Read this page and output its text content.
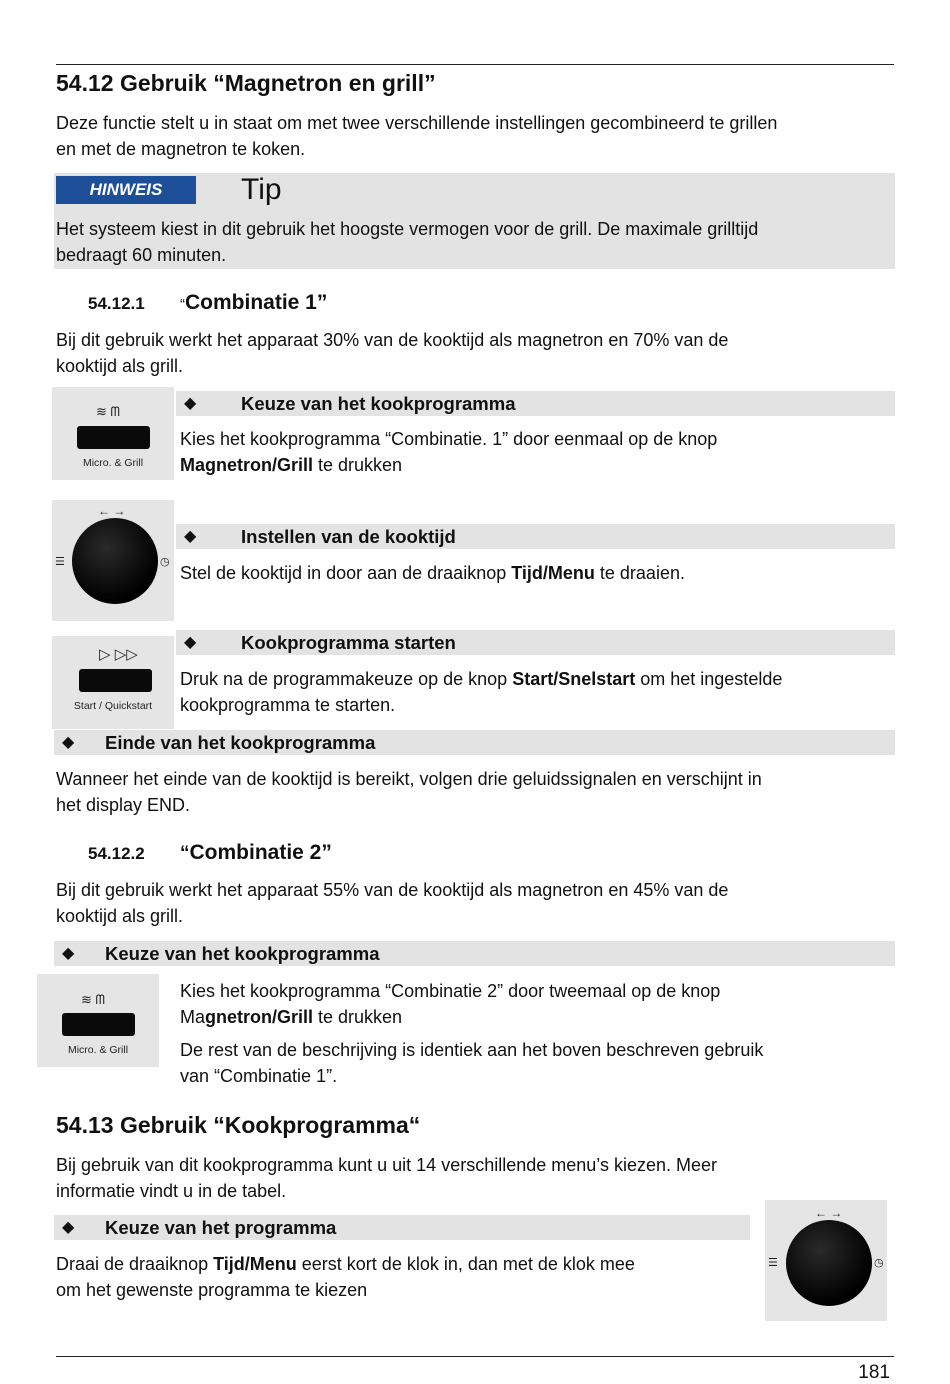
54.12 Gebruik “Magnetron en grill”

Deze functie stelt u in staat om met twee verschillende instellingen gecombineerd te grillen
en met de magnetron te koken.

HINWEIS	Tip

Het systeem kiest in dit gebruik het hoogste vermogen voor de grill. De maximale grilltijd
bedraagt 60 minuten.

54.12.1 “Combinatie 1”

Bij dit gebruik werkt het apparaat 30% van de kooktijd als magnetron en 70% van de
kooktijd als grill.

≋ ᗰ
Micro. & Grill
◆ Keuze van het kookprogramma

Kies het kookprogramma “Combinatie. 1” door eenmaal op de knop
Magnetron/Grill te drukken

← →
☰	◷
◆ Instellen van de kooktijd

Stel de kooktijd in door aan de draaiknop Tijd/Menu te draaien.

▷ ▷▷
Start / Quickstart
◆ Kookprogramma starten

Druk na de programmakeuze op de knop Start/Snelstart om het ingestelde
kookprogramma te starten.

◆ Einde van het kookprogramma

Wanneer het einde van de kooktijd is bereikt, volgen drie geluidssignalen en verschijnt in
het display END.

54.12.2 “Combinatie 2”

Bij dit gebruik werkt het apparaat 55% van de kooktijd als magnetron en 45% van de
kooktijd als grill.

◆ Keuze van het kookprogramma
≋ ᗰ
Micro. & Grill

Kies het kookprogramma “Combinatie 2” door tweemaal op de knop
Magnetron/Grill te drukken

De rest van de beschrijving is identiek aan het boven beschreven gebruik
van “Combinatie 1”.

54.13 Gebruik “Kookprogramma“

Bij gebruik van dit kookprogramma kunt u uit 14 verschillende menu’s kiezen. Meer
informatie vindt u in de tabel.

◆ Keuze van het programma

Draai de draaiknop Tijd/Menu eerst kort de klok in, dan met de klok mee
om het gewenste programma te kiezen

← →
☰	◷
181
